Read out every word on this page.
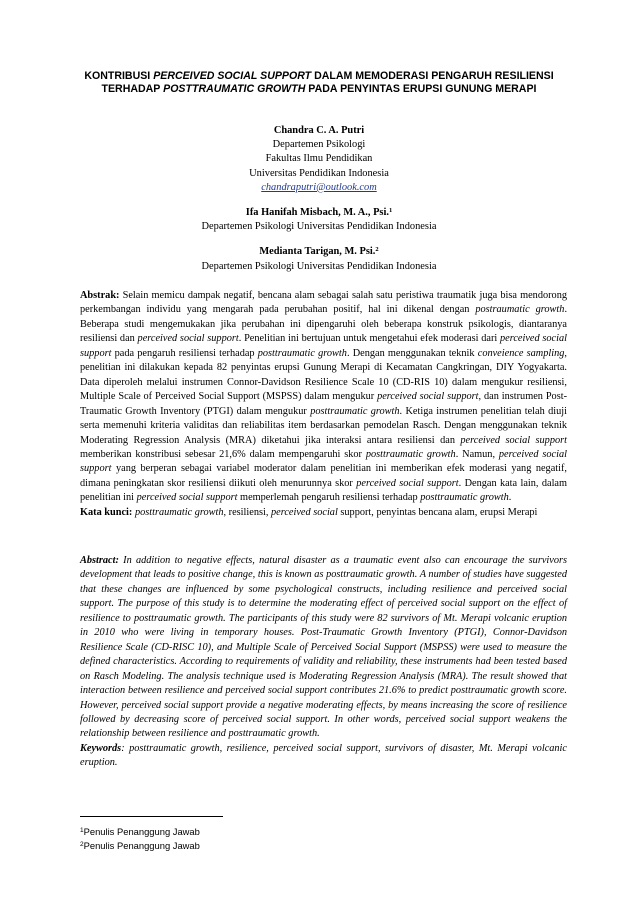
KONTRIBUSI PERCEIVED SOCIAL SUPPORT DALAM MEMODERASI PENGARUH RESILIENSI TERHADAP POSTTRAUMATIC GROWTH PADA PENYINTAS ERUPSI GUNUNG MERAPI
Chandra C. A. Putri
Departemen Psikologi
Fakultas Ilmu Pendidikan
Universitas Pendidikan Indonesia
chandraputri@outlook.com
Ifa Hanifah Misbach, M. A., Psi.$^1$
Departemen Psikologi Universitas Pendidikan Indonesia
Medianta Tarigan, M. Psi.$^2$
Departemen Psikologi Universitas Pendidikan Indonesia

Abstrak: Selain memicu dampak negatif, bencana alam sebagai salah satu peristiwa traumatik juga bisa mendorong perkembangan individu yang mengarah pada perubahan positif, hal ini dikenal dengan postraumatic growth. Beberapa studi mengemukakan jika perubahan ini dipengaruhi oleh beberapa konstruk psikologis, diantaranya resiliensi dan perceived social support. Penelitian ini bertujuan untuk mengetahui efek moderasi dari perceived social support pada pengaruh resiliensi terhadap posttraumatic growth. Dengan menggunakan teknik conveience sampling, penelitian ini dilakukan kepada 82 penyintas erupsi Gunung Merapi di Kecamatan Cangkringan, DIY Yogyakarta. Data diperoleh melalui instrumen Connor-Davidson Resilience Scale 10 (CD-RIS 10) dalam mengukur resiliensi, Multiple Scale of Perceived Social Support (MSPSS) dalam mengukur perceived social support, dan instrumen Post-Traumatic Growth Inventory (PTGI) dalam mengukur posttraumatic growth. Ketiga instrumen penelitian telah diuji serta memenuhi kriteria validitas dan reliabilitas item berdasarkan pemodelan Rasch. Dengan menggunakan teknik Moderating Regression Analysis (MRA) diketahui jika interaksi antara resiliensi dan perceived social support memberikan konstribusi sebesar 21,6% dalam mempengaruhi skor posttraumatic growth. Namun, perceived social support yang berperan sebagai variabel moderator dalam penelitian ini memberikan efek moderasi yang negatif, dimana peningkatan skor resiliensi diikuti oleh menurunnya skor perceived social support. Dengan kata lain, dalam penelitian ini perceived social support memperlemah pengaruh resiliensi terhadap posttraumatic growth.
Kata kunci: posttraumatic growth, resiliensi, perceived social support, penyintas bencana alam, erupsi Merapi

Abstract: In addition to negative effects, natural disaster as a traumatic event also can encourage the survivors development that leads to positive change, this is known as posttraumatic growth. A number of studies have suggested that these changes are influenced by some psychological constructs, including resilience and perceived social support. The purpose of this study is to determine the moderating effect of perceived social support on the effect of resilience to posttraumatic growth. The participants of this study were 82 survivors of Mt. Merapi volcanic eruption in 2010 who were living in temporary houses. Post-Traumatic Growth Inventory (PTGI), Connor-Davidson Resilience Scale (CD-RISC 10), and Multiple Scale of Perceived Social Support (MSPSS) were used to measure the defined characteristics. According to requirements of validity and reliability, these instruments had been tested based on Rasch Modeling. The analysis technique used is Moderating Regression Analysis (MRA). The result showed that interaction between resilience and perceived social support contributes 21.6% to predict posttraumatic growth score. However, perceived social support provide a negative moderating effects, by means increasing the score of resilience followed by decreasing score of perceived social support. In other words, perceived social support weakens the relationship between resilience and posttraumatic growth.
Keywords: posttraumatic growth, resilience, perceived social support, survivors of disaster, Mt. Merapi volcanic eruption.

$^1$Penulis Penanggung Jawab
$^2$Penulis Penanggung Jawab
